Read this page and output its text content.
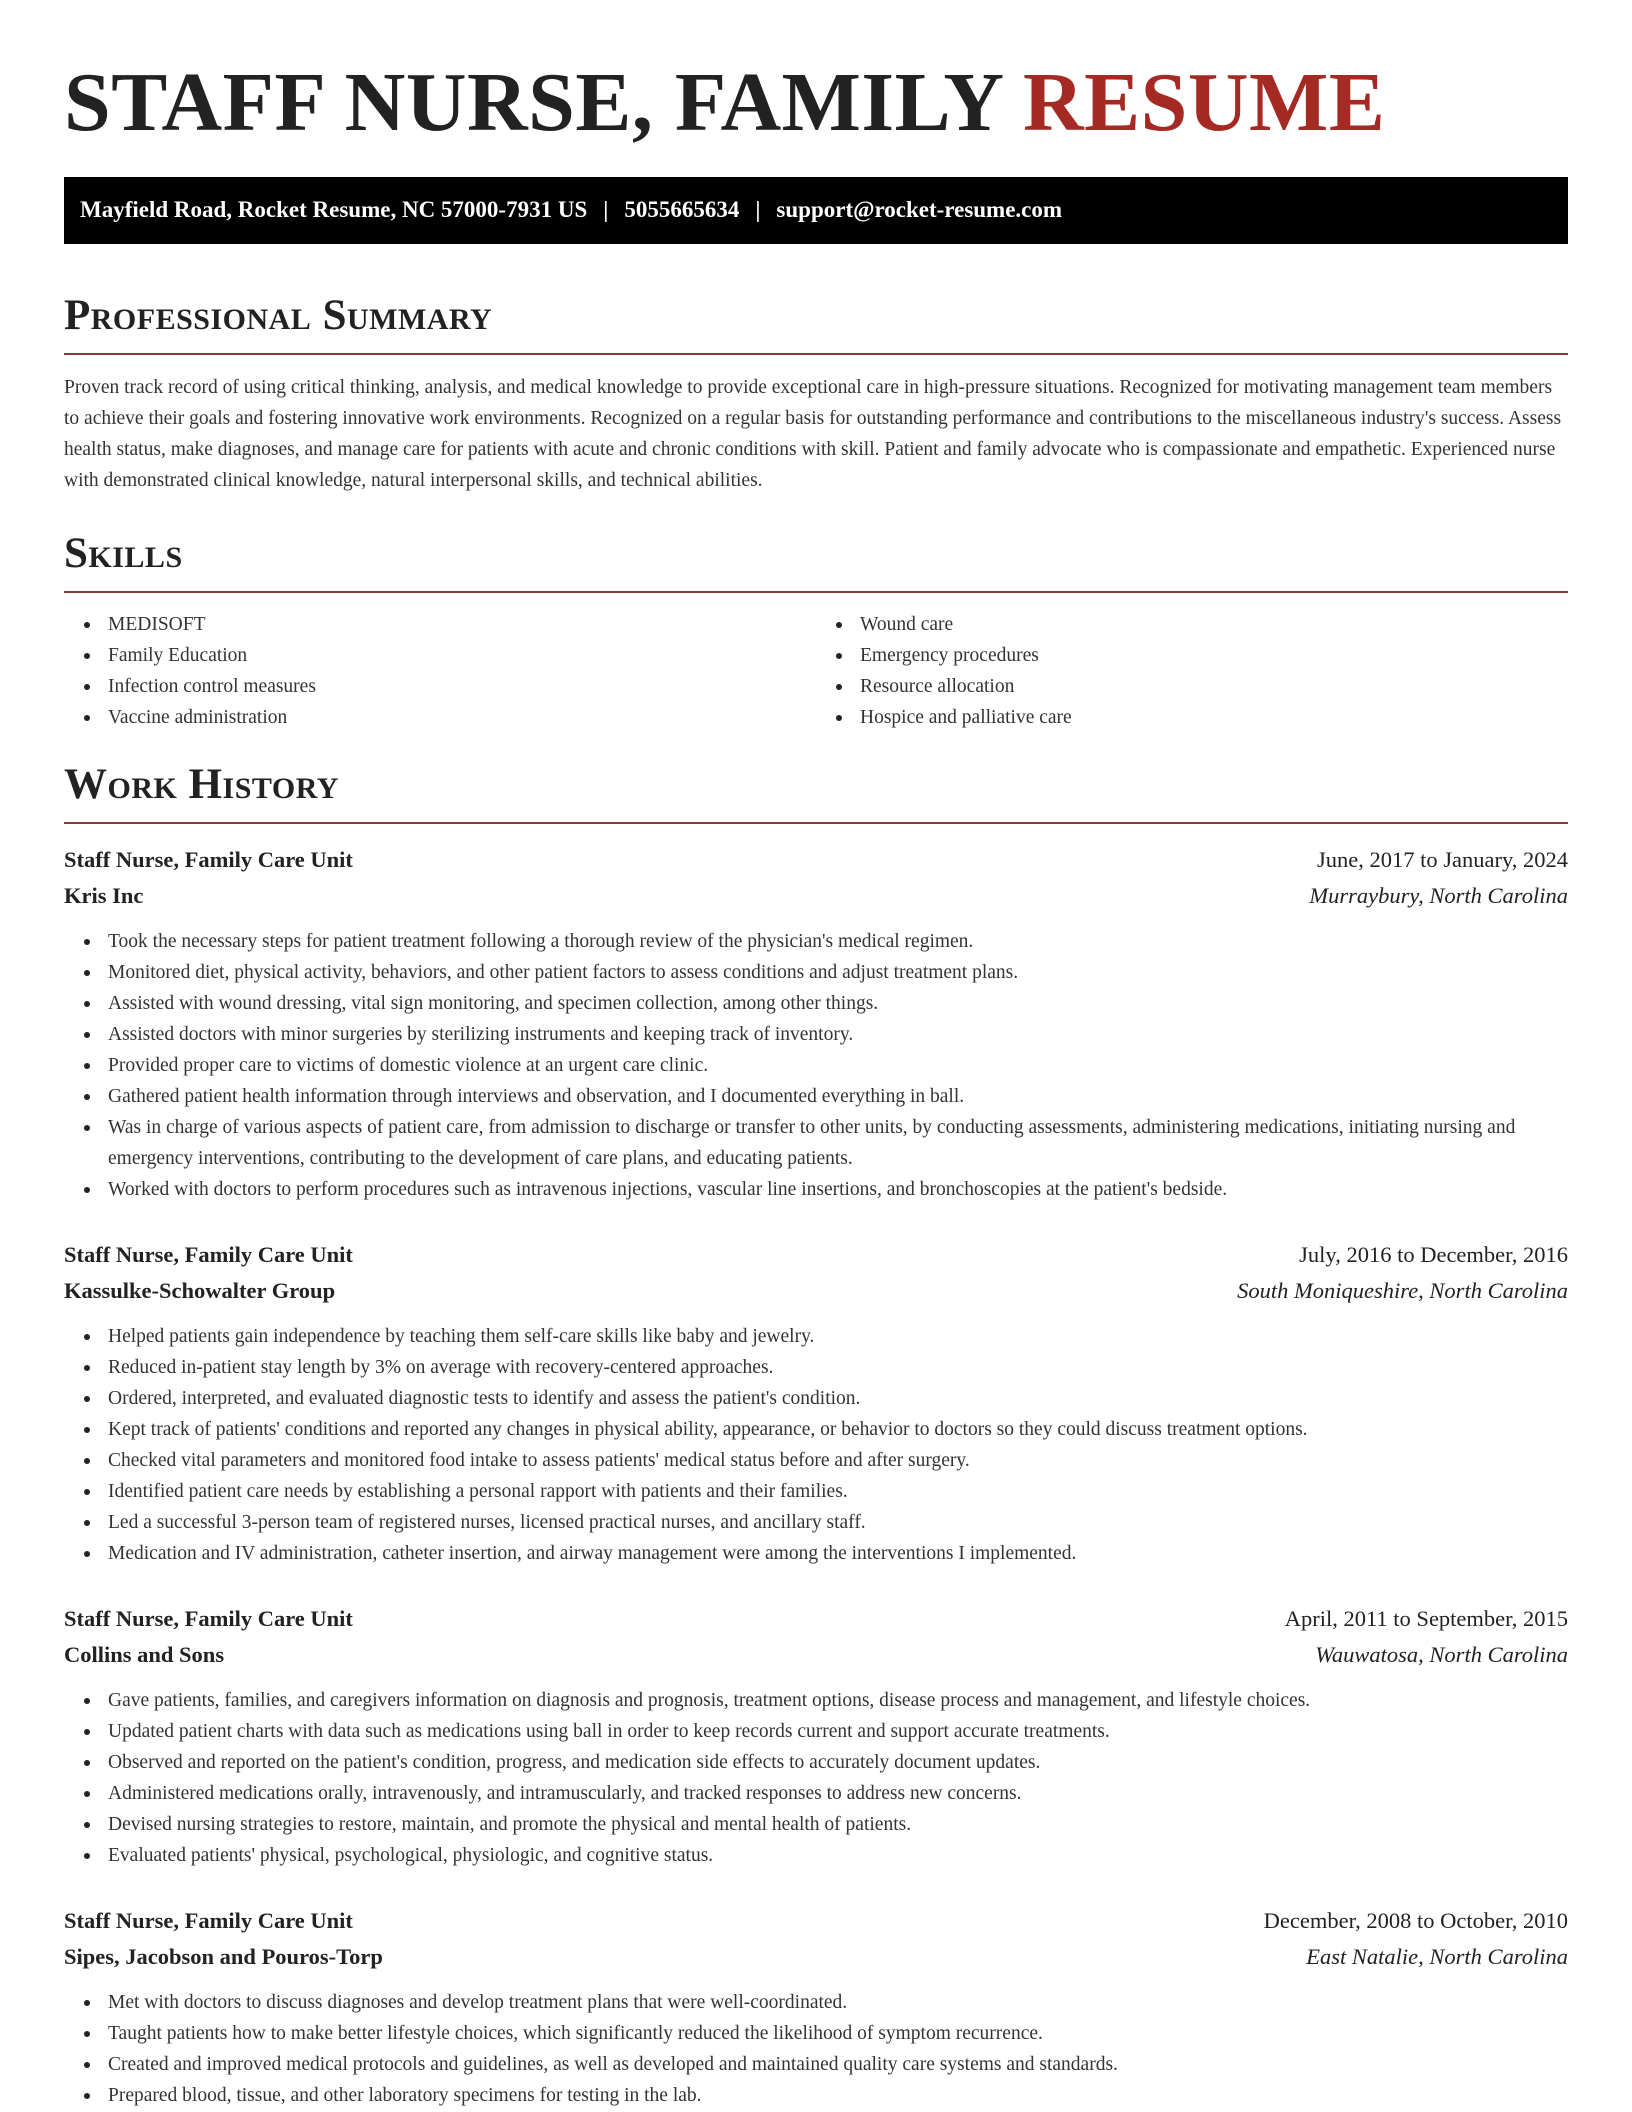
STAFF NURSE, FAMILY RESUME
Mayfield Road, Rocket Resume, NC 57000-7931 US | 5055665634 | support@rocket-resume.com
Professional Summary

Proven track record of using critical thinking, analysis, and medical knowledge to provide exceptional care in high-pressure situations. Recognized for motivating management team members to achieve their goals and fostering innovative work environments. Recognized on a regular basis for outstanding performance and contributions to the miscellaneous industry's success. Assess health status, make diagnoses, and manage care for patients with acute and chronic conditions with skill. Patient and family advocate who is compassionate and empathetic. Experienced nurse with demonstrated clinical knowledge, natural interpersonal skills, and technical abilities.

Skills
MEDISOFT
Family Education
Infection control measures
Vaccine administration
Wound care
Emergency procedures
Resource allocation
Hospice and palliative care
Work History
Staff Nurse, Family Care Unit	June, 2017 to January, 2024
Kris Inc	Murraybury, North Carolina
Took the necessary steps for patient treatment following a thorough review of the physician's medical regimen.
Monitored diet, physical activity, behaviors, and other patient factors to assess conditions and adjust treatment plans.
Assisted with wound dressing, vital sign monitoring, and specimen collection, among other things.
Assisted doctors with minor surgeries by sterilizing instruments and keeping track of inventory.
Provided proper care to victims of domestic violence at an urgent care clinic.
Gathered patient health information through interviews and observation, and I documented everything in ball.
Was in charge of various aspects of patient care, from admission to discharge or transfer to other units, by conducting assessments, administering medications, initiating nursing and emergency interventions, contributing to the development of care plans, and educating patients.
Worked with doctors to perform procedures such as intravenous injections, vascular line insertions, and bronchoscopies at the patient's bedside.
Staff Nurse, Family Care Unit	July, 2016 to December, 2016
Kassulke-Schowalter Group	South Moniqueshire, North Carolina
Helped patients gain independence by teaching them self-care skills like baby and jewelry.
Reduced in-patient stay length by 3% on average with recovery-centered approaches.
Ordered, interpreted, and evaluated diagnostic tests to identify and assess the patient's condition.
Kept track of patients' conditions and reported any changes in physical ability, appearance, or behavior to doctors so they could discuss treatment options.
Checked vital parameters and monitored food intake to assess patients' medical status before and after surgery.
Identified patient care needs by establishing a personal rapport with patients and their families.
Led a successful 3-person team of registered nurses, licensed practical nurses, and ancillary staff.
Medication and IV administration, catheter insertion, and airway management were among the interventions I implemented.
Staff Nurse, Family Care Unit	April, 2011 to September, 2015
Collins and Sons	Wauwatosa, North Carolina
Gave patients, families, and caregivers information on diagnosis and prognosis, treatment options, disease process and management, and lifestyle choices.
Updated patient charts with data such as medications using ball in order to keep records current and support accurate treatments.
Observed and reported on the patient's condition, progress, and medication side effects to accurately document updates.
Administered medications orally, intravenously, and intramuscularly, and tracked responses to address new concerns.
Devised nursing strategies to restore, maintain, and promote the physical and mental health of patients.
Evaluated patients' physical, psychological, physiologic, and cognitive status.
Staff Nurse, Family Care Unit	December, 2008 to October, 2010
Sipes, Jacobson and Pouros-Torp	East Natalie, North Carolina
Met with doctors to discuss diagnoses and develop treatment plans that were well-coordinated.
Taught patients how to make better lifestyle choices, which significantly reduced the likelihood of symptom recurrence.
Created and improved medical protocols and guidelines, as well as developed and maintained quality care systems and standards.
Prepared blood, tissue, and other laboratory specimens for testing in the lab.
